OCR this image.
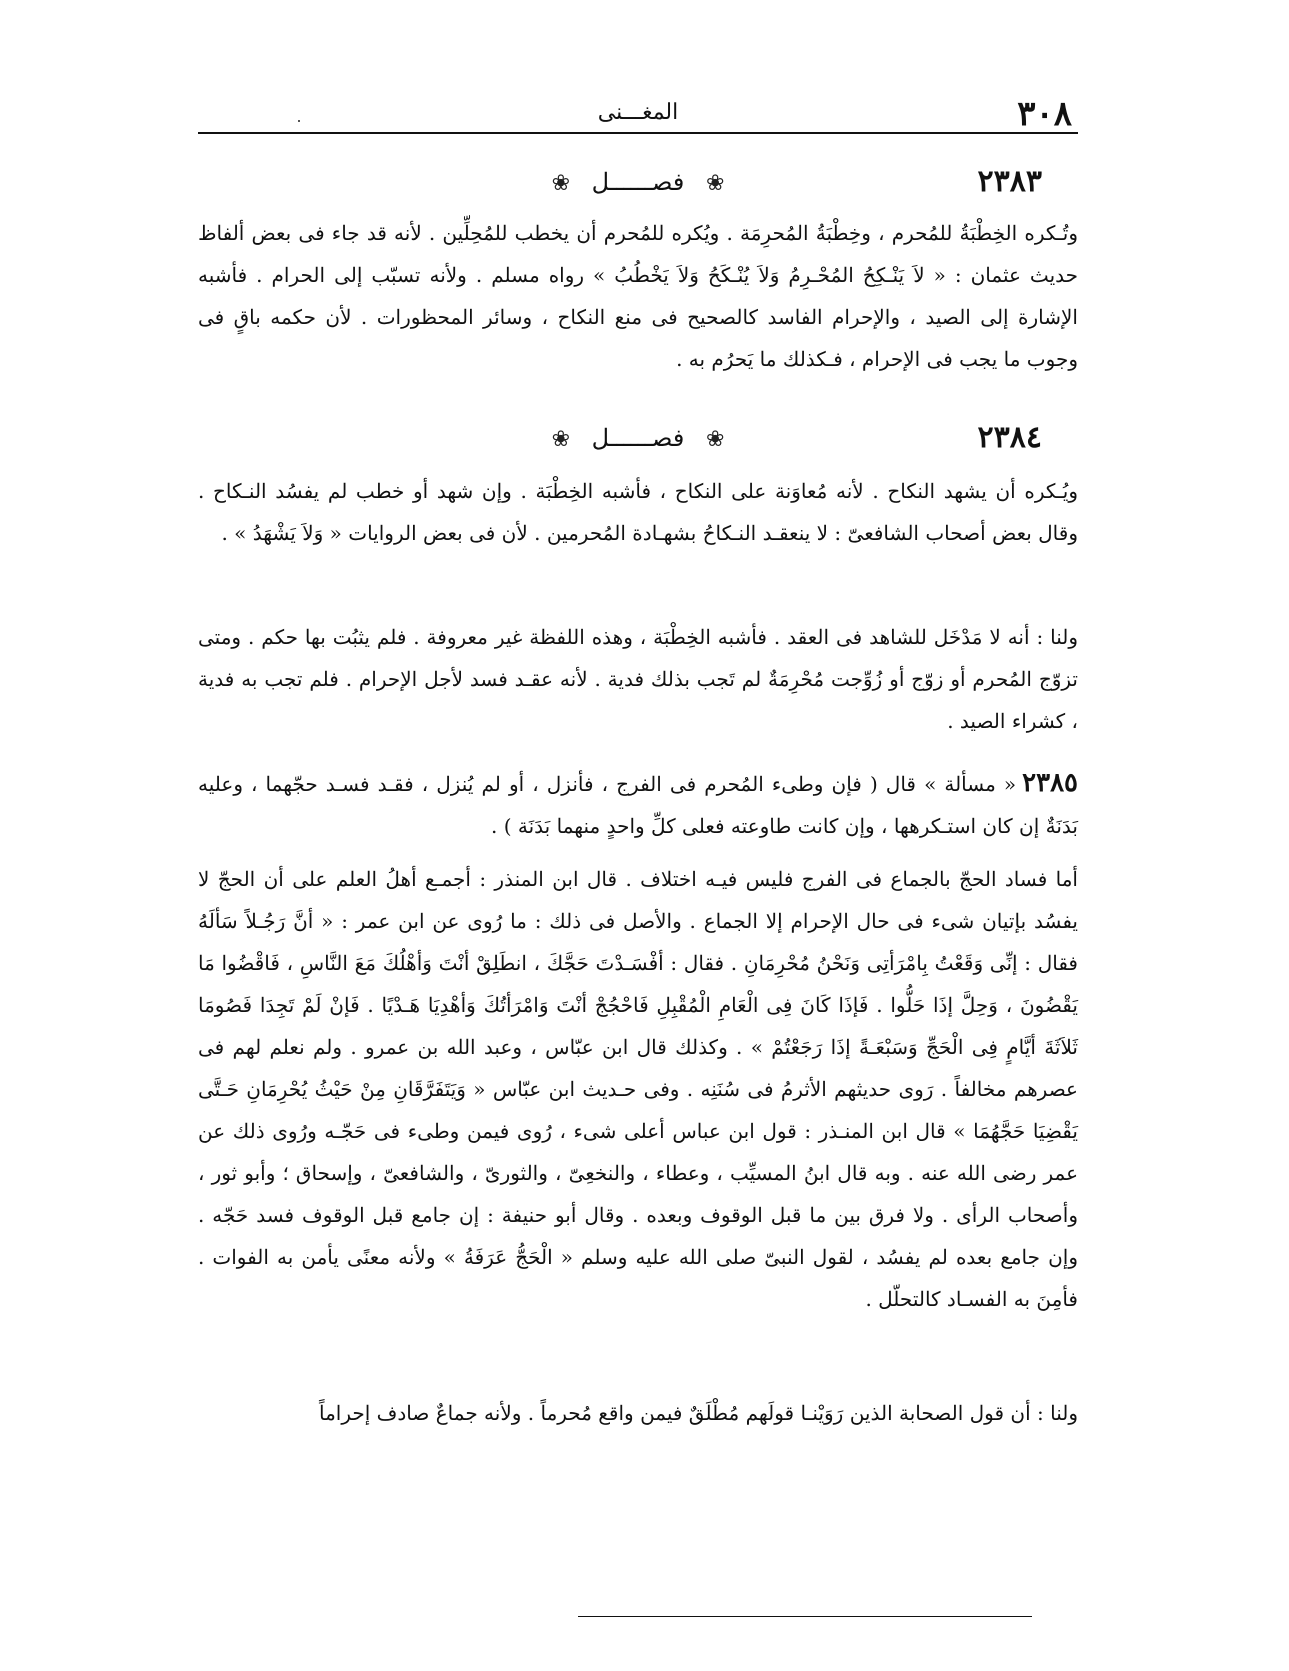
٣٠٨
المغـــنى
٢٣٨٣
❀ فصــــــل ❀

وتُـكره الخِطْبَةُ للمُحرم ، وخِطْبَةُ المُحرِمَة . ويُكره للمُحرم أن يخطب للمُحِلِّين . لأنه قد جاء فى بعض ألفاظ حديث عثمان : « لاَ يَنْـكِحُ المُحْـرِمُ وَلاَ يُنْـكَحُ وَلاَ يَخْطُبُ » رواه مسلم . ولأنه تسبّب إلى الحرام . فأشبه الإشارة إلى الصيد ، والإحرام الفاسد كالصحيح فى منع النكاح ، وسائر المحظورات . لأن حكمه باقٍ فى وجوب ما يجب فى الإحرام ، فـكذلك ما يَحرُم به .

٢٣٨٤
❀ فصــــــل ❀

ويُـكره أن يشهد النكاح . لأنه مُعاوَنة على النكاح ، فأشبه الخِطْبَة . وإن شهد أو خطب لم يفسُد النـكاح . وقال بعض أصحاب الشافعىّ : لا ينعقـد النـكاحُ بشهـادة المُحرمين . لأن فى بعض الروايات « وَلاَ يَشْهَدُ » .

ولنا : أنه لا مَدْخَل للشاهد فى العقد . فأشبه الخِطْبَة ، وهذه اللفظة غير معروفة . فلم يثبُت بها حكم . ومتى تزوّج المُحرم أو زوّج أو زُوِّجت مُحْرِمَةٌ لم تَجب بذلك فدية . لأنه عقـد فسد لأجل الإحرام . فلم تجب به فدية ، كشراء الصيد .

٢٣٨٥« مسألة » قال ( فإن وطىء المُحرم فى الفرج ، فأنزل ، أو لم يُنزل ، فقـد فسـد حجّهما ، وعليه بَدَنَةٌ إن كان استـكرهها ، وإن كانت طاوعته فعلى كلِّ واحدٍ منهما بَدَنَة ) .

أما فساد الحجّ بالجماع فى الفرج فليس فيـه اختلاف . قال ابن المنذر : أجمـع أهلُ العلم على أن الحجّ لا يفسُد بإتيان شىء فى حال الإحرام إلا الجماع . والأصل فى ذلك : ما رُوى عن ابن عمر : « أنَّ رَجُـلاً سَألَهُ فقال : إنِّى وَقَعْتُ بِامْرَأتِى وَنَحْنُ مُحْرِمَانِ . فقال : أفْسَـدْتَ حَجَّكَ ، انطَلِقْ أنْتَ وَأهْلُكَ مَعَ النَّاسِ ، فَاقْضُوا مَا يَقْضُونَ ، وَحِلَّ إذَا حَلُّوا . فَإذَا كَانَ فِى الْعَامِ الْمُقْبِلِ فَاحْجُجْ أنْتَ وَامْرَأتُكَ وَأهْدِيَا هَـدْيًا . فَإنْ لَمْ تَجِدَا فَصُومَا ثَلاَثَةَ أيَّامٍ فِى الْحَجِّ وَسَبْعَـةً إذَا رَجَعْتُمْ » . وكذلك قال ابن عبّاس ، وعبد الله بن عمرو . ولم نعلم لهم فى عصرهم مخالفاً . رَوى حديثهم الأثرمُ فى سُنَنِه . وفى حـديث ابن عبّاس « وَيَتَفَرَّقَانِ مِنْ حَيْثُ يُحْرِمَانِ حَـتَّى يَقْضِيَا حَجَّهُمَا » قال ابن المنـذر : قول ابن عباس أعلى شىء ، رُوى فيمن وطىء فى حَجّـه ورُوى ذلك عن عمر رضى الله عنه . وبه قال ابنُ المسيِّب ، وعطاء ، والنخعِىّ ، والثورىّ ، والشافعىّ ، وإسحاق ؛ وأبو ثور ، وأصحاب الرأى . ولا فرق بين ما قبل الوقوف وبعده . وقال أبو حنيفة : إن جامع قبل الوقوف فسد حَجّه . وإن جامع بعده لم يفسُد ، لقول النبىّ صلى الله عليه وسلم « الْحَجُّ عَرَفَةُ » ولأنه معنًى يأمن به الفوات . فأمِنَ به الفسـاد كالتحلّل .

ولنا : أن قول الصحابة الذين رَوَيْنـا قولَهم مُطْلَقٌ فيمن واقع مُحرماً . ولأنه جماعٌ صادف إحراماً
